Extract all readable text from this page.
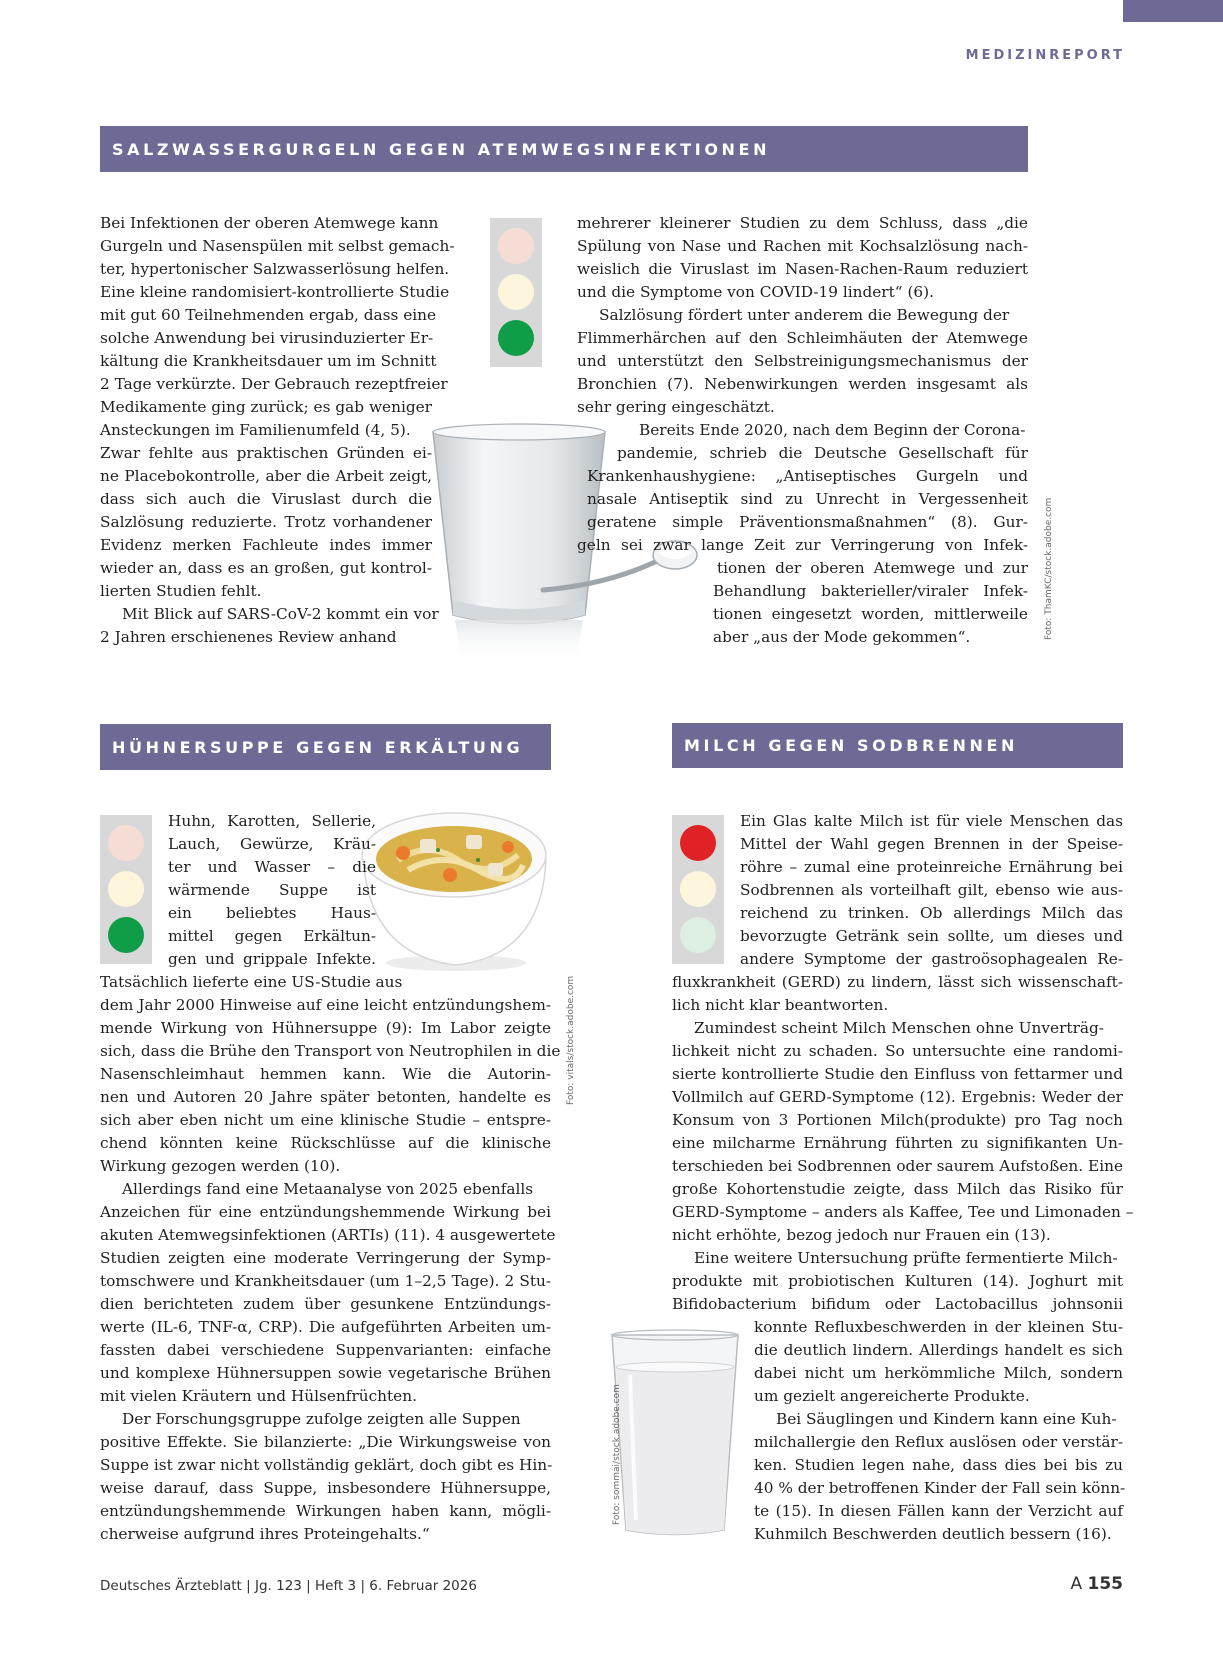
MEDIZINREPORT
SALZWASSERGURGELN GEGEN ATEMWEGSINFEKTIONEN
Bei Infektionen der oberen Atemwege kann
Gurgeln und Nasenspülen mit selbst gemach-
ter, hypertonischer Salzwasserlösung helfen.
Eine kleine randomisiert-kontrollierte Studie
mit gut 60 Teilnehmenden ergab, dass eine
solche Anwendung bei virusinduzierter Er-
kältung die Krankheitsdauer um im Schnitt
2 Tage verkürzte. Der Gebrauch rezeptfreier
Medikamente ging zurück; es gab weniger
Ansteckungen im Familienumfeld (4, 5).
Zwar fehlte aus praktischen Gründen ei-
ne Placebokontrolle, aber die Arbeit zeigt,
dass sich auch die Viruslast durch die
Salzlösung reduzierte. Trotz vorhandener
Evidenz merken Fachleute indes immer
wieder an, dass es an großen, gut kontrol-
lierten Studien fehlt.
Mit Blick auf SARS-CoV-2 kommt ein vor
2 Jahren erschienenes Review anhand
mehrerer kleinerer Studien zu dem Schluss, dass „die
Spülung von Nase und Rachen mit Kochsalzlösung nach-
weislich die Viruslast im Nasen-Rachen-Raum reduziert
und die Symptome von COVID-19 lindert“ (6).
Salzlösung fördert unter anderem die Bewegung der
Flimmerhärchen auf den Schleimhäuten der Atemwege
und unterstützt den Selbstreinigungsmechanismus der
Bronchien (7). Nebenwirkungen werden insgesamt als
sehr gering eingeschätzt.
Bereits Ende 2020, nach dem Beginn der Corona-
pandemie, schrieb die Deutsche Gesellschaft für
Krankenhaushygiene: „Antiseptisches Gurgeln und
nasale Antiseptik sind zu Unrecht in Vergessenheit
geratene simple Präventionsmaßnahmen“ (8). Gur-
geln sei zwar lange Zeit zur Verringerung von Infek-
tionen der oberen Atemwege und zur
Behandlung bakterieller/viraler Infek-
tionen eingesetzt worden, mittlerweile
aber „aus der Mode gekommen“.	Foto: ThamKC/stock.adobe.com
HÜHNERSUPPE GEGEN ERKÄLTUNG
Huhn, Karotten, Sellerie,
Lauch, Gewürze, Kräu-
ter und Wasser – die
wärmende Suppe ist
ein beliebtes Haus-
mittel gegen Erkältun-
gen und grippale Infekte.
Tatsächlich lieferte eine US-Studie aus
dem Jahr 2000 Hinweise auf eine leicht entzündungshem-
mende Wirkung von Hühnersuppe (9): Im Labor zeigte
sich, dass die Brühe den Transport von Neutrophilen in die
Nasenschleimhaut hemmen kann. Wie die Autorin-
nen und Autoren 20 Jahre später betonten, handelte es
sich aber eben nicht um eine klinische Studie – entspre-
chend könnten keine Rückschlüsse auf die klinische
Wirkung gezogen werden (10).
Allerdings fand eine Metaanalyse von 2025 ebenfalls
Anzeichen für eine entzündungshemmende Wirkung bei
akuten Atemwegsinfektionen (ARTIs) (11). 4 ausgewertete
Studien zeigten eine moderate Verringerung der Symp-
tomschwere und Krankheitsdauer (um 1–2,5 Tage). 2 Stu-
dien berichteten zudem über gesunkene Entzündungs-
werte (IL-6, TNF-α, CRP). Die aufgeführten Arbeiten um-
fassten dabei verschiedene Suppenvarianten: einfache
und komplexe Hühnersuppen sowie vegetarische Brühen
mit vielen Kräutern und Hülsenfrüchten.
Der Forschungsgruppe zufolge zeigten alle Suppen
positive Effekte. Sie bilanzierte: „Die Wirkungsweise von
Suppe ist zwar nicht vollständig geklärt, doch gibt es Hin-
weise darauf, dass Suppe, insbesondere Hühnersuppe,
entzündungshemmende Wirkungen haben kann, mögli-
cherweise aufgrund ihres Proteingehalts.“
Foto: vitals/stock.adobe.com
MILCH GEGEN SODBRENNEN
Ein Glas kalte Milch ist für viele Menschen das
Mittel der Wahl gegen Brennen in der Speise-
röhre – zumal eine proteinreiche Ernährung bei
Sodbrennen als vorteilhaft gilt, ebenso wie aus-
reichend zu trinken. Ob allerdings Milch das
bevorzugte Getränk sein sollte, um dieses und
andere Symptome der gastroösophagealen Re-
fluxkrankheit (GERD) zu lindern, lässt sich wissenschaft-
lich nicht klar beantworten.
Zumindest scheint Milch Menschen ohne Unverträg-
lichkeit nicht zu schaden. So untersuchte eine randomi-
sierte kontrollierte Studie den Einfluss von fettarmer und
Vollmilch auf GERD-Symptome (12). Ergebnis: Weder der
Konsum von 3 Portionen Milch(produkte) pro Tag noch
eine milcharme Ernährung führten zu signifikanten Un-
terschieden bei Sodbrennen oder saurem Aufstoßen. Eine
große Kohortenstudie zeigte, dass Milch das Risiko für
GERD-Symptome – anders als Kaffee, Tee und Limonaden –
nicht erhöhte, bezog jedoch nur Frauen ein (13).
Eine weitere Untersuchung prüfte fermentierte Milch-
produkte mit probiotischen Kulturen (14). Joghurt mit
Bifidobacterium bifidum oder Lactobacillus johnsonii
konnte Refluxbeschwerden in der kleinen Stu-
die deutlich lindern. Allerdings handelt es sich
dabei nicht um herkömmliche Milch, sondern
um gezielt angereicherte Produkte.
Bei Säuglingen und Kindern kann eine Kuh-
milchallergie den Reflux auslösen oder verstär-
ken. Studien legen nahe, dass dies bei bis zu
40 % der betroffenen Kinder der Fall sein könn-
te (15). In diesen Fällen kann der Verzicht auf
Kuhmilch Beschwerden deutlich bessern (16).
Foto: sommai/stock.adobe.com
Deutsches Ärzteblatt | Jg. 123 | Heft 3 | 6. Februar 2026	A 155
